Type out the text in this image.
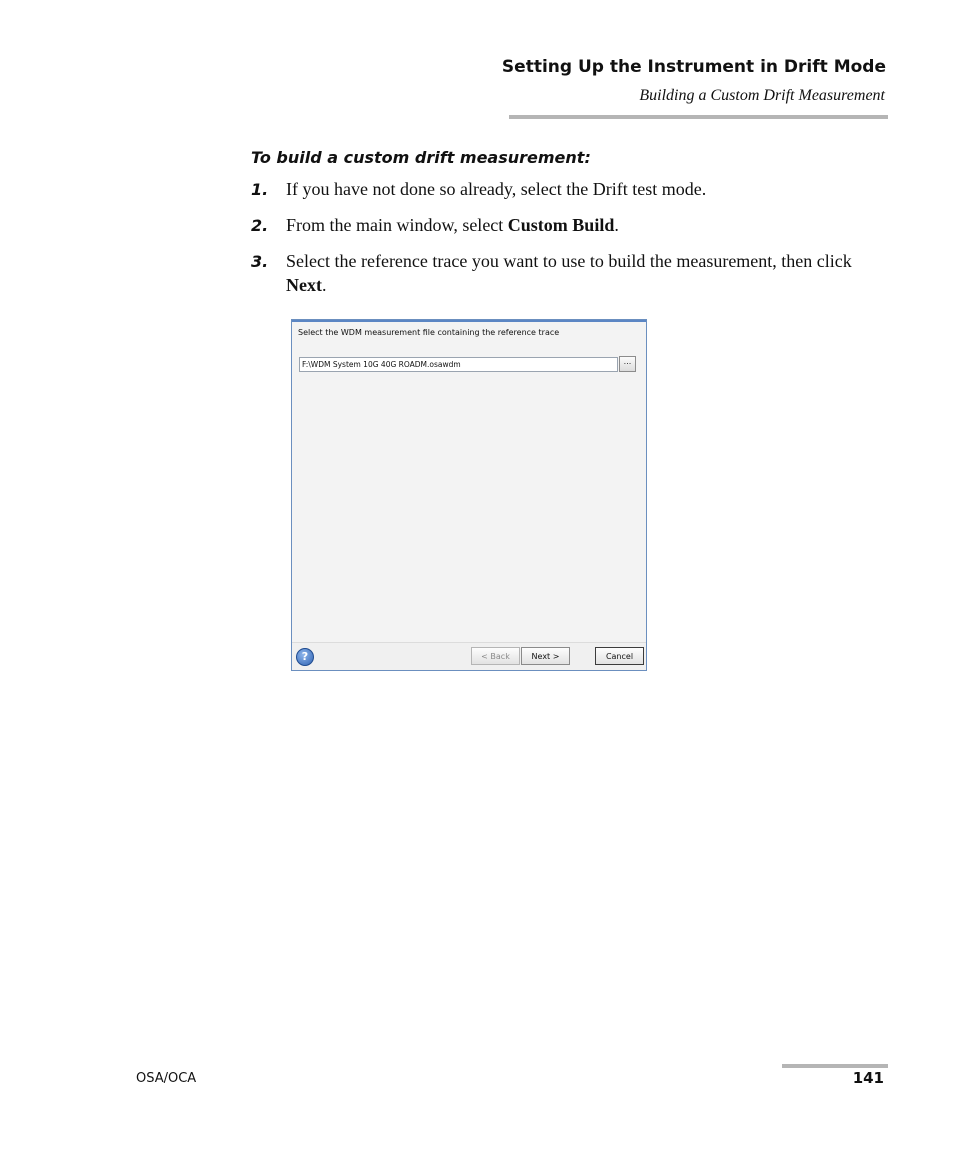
Setting Up the Instrument in Drift Mode
Building a Custom Drift Measurement
To build a custom drift measurement:
1. If you have not done so already, select the Drift test mode.
2. From the main window, select Custom Build.
3. Select the reference trace you want to use to build the measurement, then click Next.
Select the WDM measurement file containing the reference trace
F:\WDM System 10G 40G ROADM.osawdm
...
?	< Back	Next >	Cancel
OSA/OCA	141
